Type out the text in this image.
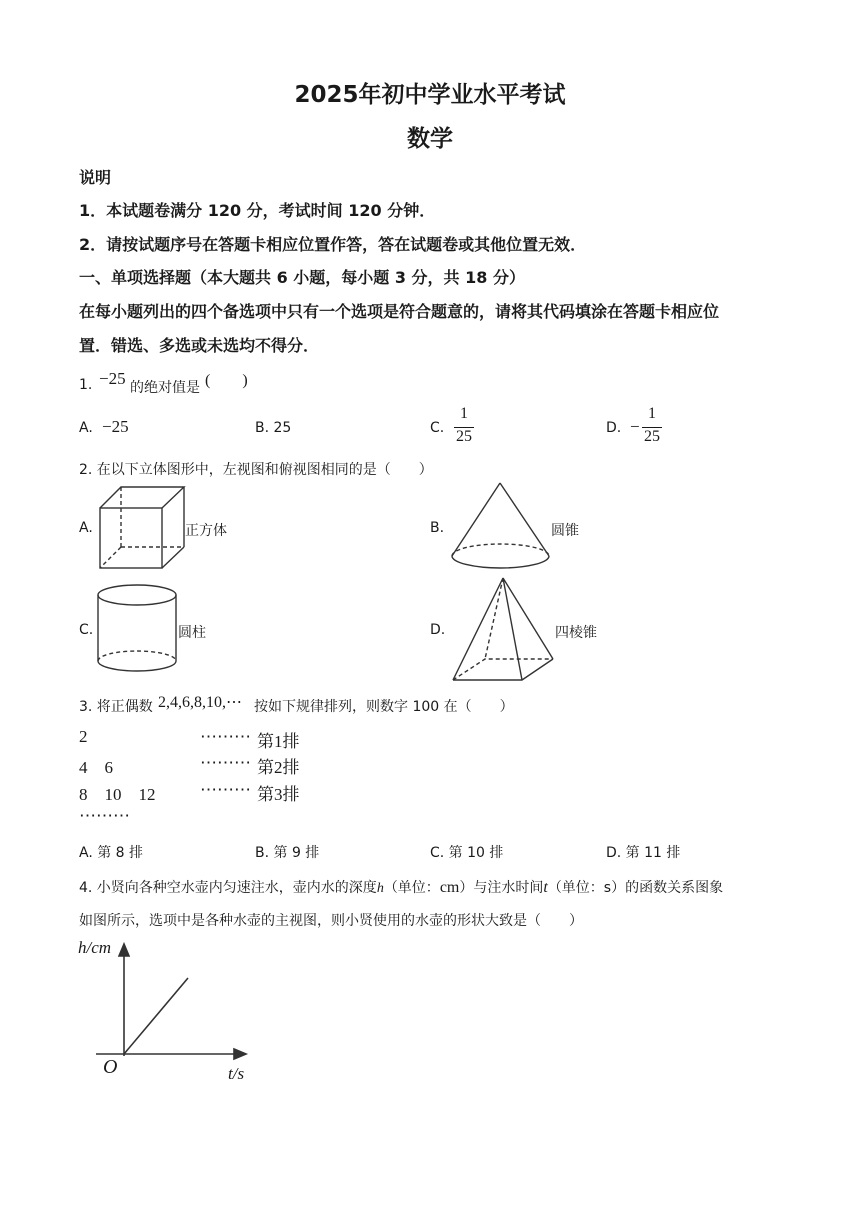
2025年初中学业水平考试
数学
说明
1．本试题卷满分 120 分，考试时间 120 分钟．
2．请按试题序号在答题卡相应位置作答，答在试题卷或其他位置无效．
一、单项选择题（本大题共 6 小题，每小题 3 分，共 18 分）
在每小题列出的四个备选项中只有一个选项是符合题意的，请将其代码填涂在答题卡相应位
置．错选、多选或未选均不得分．
1. −25 的绝对值是 (　　)
A. −25	B. 25	C.
1
25	D. −
1
25
2. 在以下立体图形中，左视图和俯视图相同的是（　　）
A.	正方体	B.	圆锥
C.	圆柱	D.	四棱锥
3. 将正偶数 2,4,6,8,10,⋯ 按如下规律排列，则数字 100 在（　　）
2	⋯⋯⋯ 第1排
4　6	⋯⋯⋯ 第2排
8　10　12	⋯⋯⋯ 第3排
⋯⋯⋯
A. 第 8 排	B. 第 9 排	C. 第 10 排	D. 第 11 排
4. 小贤向各种空水壶内匀速注水，壶内水的深度h（单位：cm）与注水时间t（单位：s）的函数关系图象
如图所示，选项中是各种水壶的主视图，则小贤使用的水壶的形状大致是（　　）
h/cm
O	t/s
